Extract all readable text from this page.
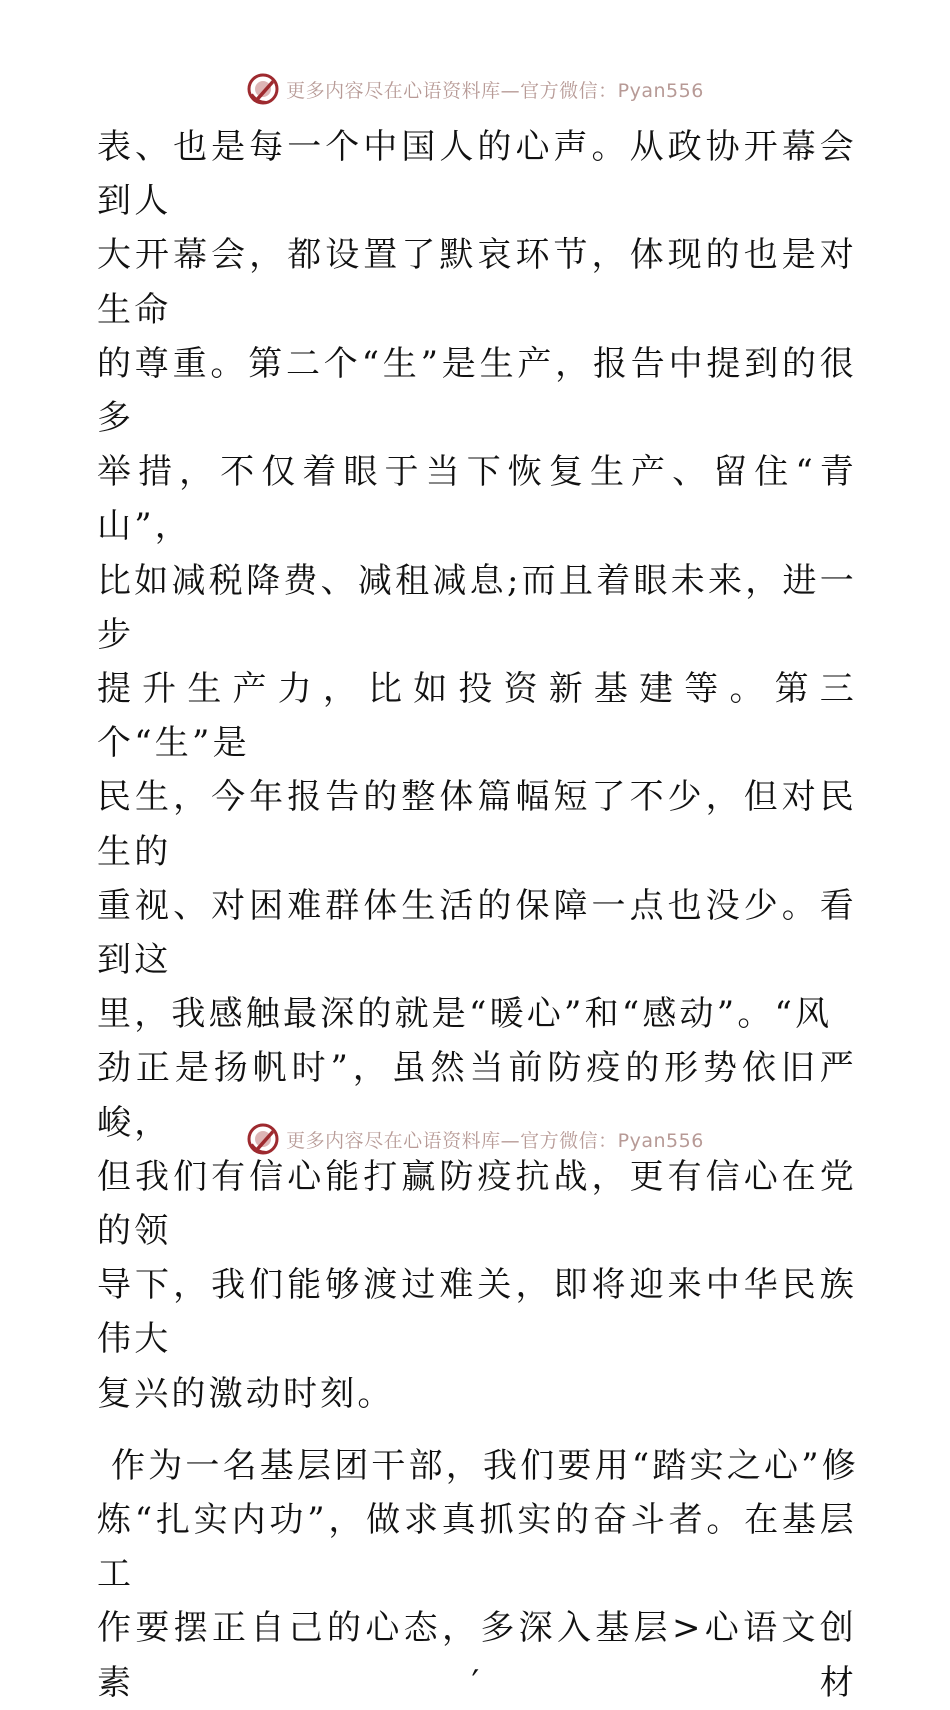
更多内容尽在心语资料库—官方微信：Pyan556
表、也是每一个中国人的心声。从政协开幕会到人
大开幕会，都设置了默哀环节，体现的也是对生命
的尊重。第二个“生”是生产，报告中提到的很多
举措，不仅着眼于当下恢复生产、留住“青山”，
比如减税降费、减租减息;而且着眼未来，进一步
提升生产力，比如投资新基建等。第三个“生”是
民生，今年报告的整体篇幅短了不少，但对民生的
重视、对困难群体生活的保障一点也没少。看到这
里，我感触最深的就是“暖心”和“感动”。“风
劲正是扬帆时”，虽然当前防疫的形势依旧严峻，
但我们有信心能打赢防疫抗战，更有信心在党的领
导下，我们能够渡过难关，即将迎来中华民族伟大
复兴的激动时刻。
作为一名基层团干部，我们要用“踏实之心”修
炼“扎实内功”，做求真抓实的奋斗者。在基层工
作要摆正自己的心态，多深入基层>心语文创素′材
更多内容尽在心语资料库—官方微信：Pyan556
